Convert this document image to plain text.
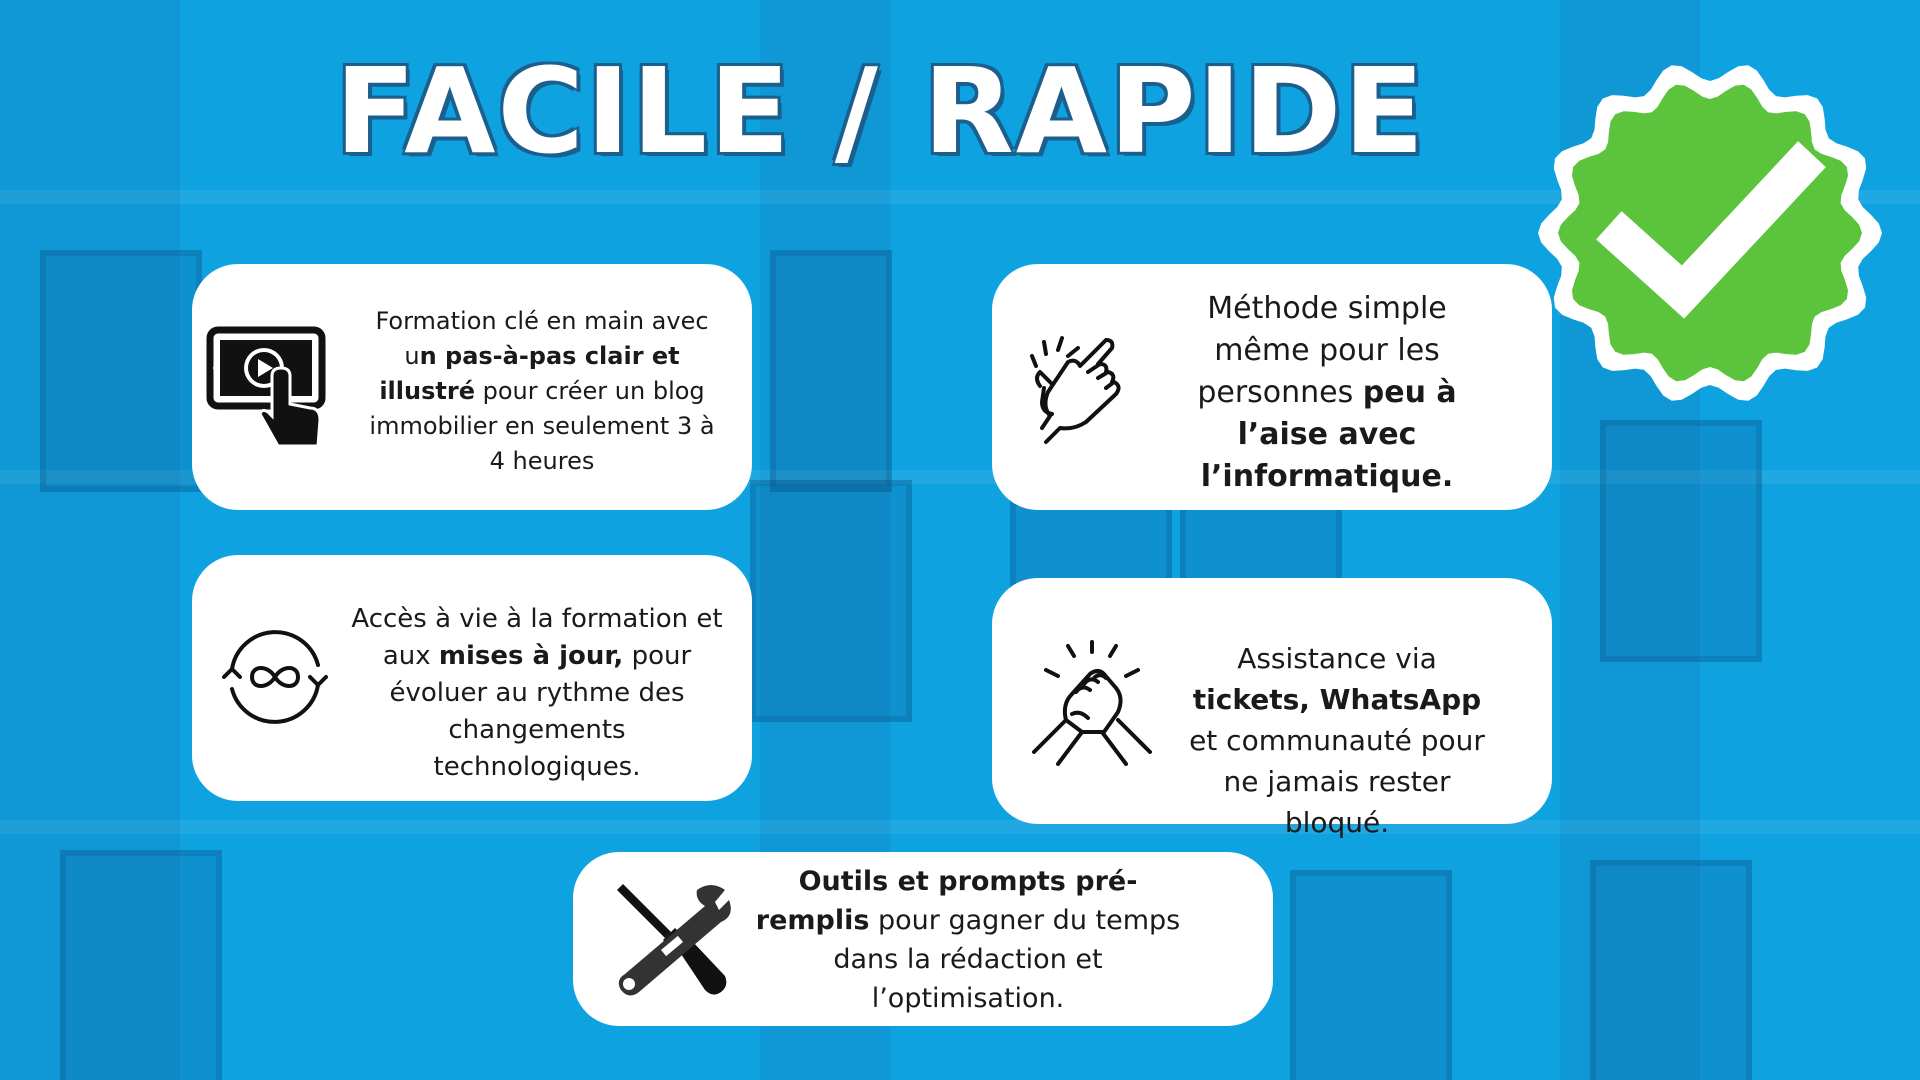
FACILE / RAPIDE
Formation clé en main avec un pas-à-pas clair et illustré pour créer un blog immobilier en seulement 3 à 4 heures
Méthode simple même pour les personnes peu à l’aise avec l’informatique.
Accès à vie à la formation et aux mises à jour, pour évoluer au rythme des changements technologiques.
Assistance via tickets, WhatsApp et communauté pour ne jamais rester bloqué.
Outils et prompts pré-remplis pour gagner du temps dans la rédaction et l’optimisation.
